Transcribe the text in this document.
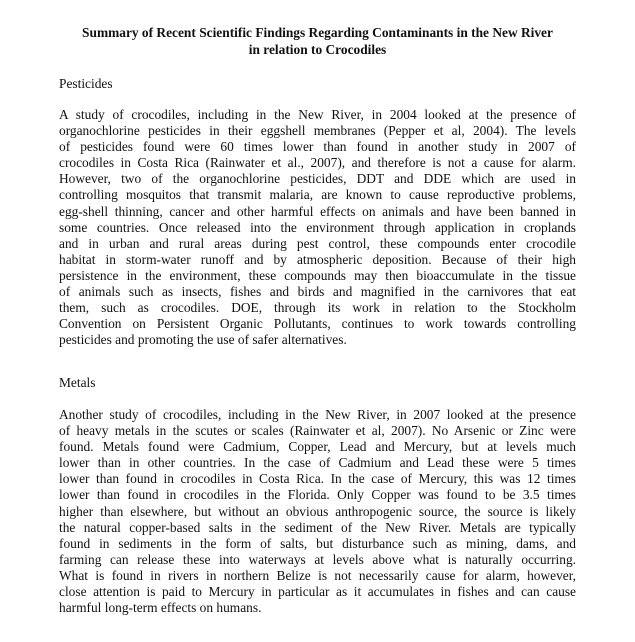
Summary of Recent Scientific Findings Regarding Contaminants in the New River
in relation to Crocodiles
Pesticides
A study of crocodiles, including in the New River, in 2004 looked at the presence of
organochlorine pesticides in their eggshell membranes (Pepper et al, 2004). The levels
of pesticides found were 60 times lower than found in another study in 2007 of
crocodiles in Costa Rica (Rainwater et al., 2007), and therefore is not a cause for alarm.
However, two of the organochlorine pesticides, DDT and DDE which are used in
controlling mosquitos that transmit malaria, are known to cause reproductive problems,
egg-shell thinning, cancer and other harmful effects on animals and have been banned in
some countries. Once released into the environment through application in croplands
and in urban and rural areas during pest control, these compounds enter crocodile
habitat in storm-water runoff and by atmospheric deposition. Because of their high
persistence in the environment, these compounds may then bioaccumulate in the tissue
of animals such as insects, fishes and birds and magnified in the carnivores that eat
them, such as crocodiles. DOE, through its work in relation to the Stockholm
Convention on Persistent Organic Pollutants, continues to work towards controlling
pesticides and promoting the use of safer alternatives.
Metals
Another study of crocodiles, including in the New River, in 2007 looked at the presence
of heavy metals in the scutes or scales (Rainwater et al, 2007). No Arsenic or Zinc were
found. Metals found were Cadmium, Copper, Lead and Mercury, but at levels much
lower than in other countries. In the case of Cadmium and Lead these were 5 times
lower than found in crocodiles in Costa Rica. In the case of Mercury, this was 12 times
lower than found in crocodiles in the Florida. Only Copper was found to be 3.5 times
higher than elsewhere, but without an obvious anthropogenic source, the source is likely
the natural copper-based salts in the sediment of the New River. Metals are typically
found in sediments in the form of salts, but disturbance such as mining, dams, and
farming can release these into waterways at levels above what is naturally occurring.
What is found in rivers in northern Belize is not necessarily cause for alarm, however,
close attention is paid to Mercury in particular as it accumulates in fishes and can cause
harmful long-term effects on humans.
